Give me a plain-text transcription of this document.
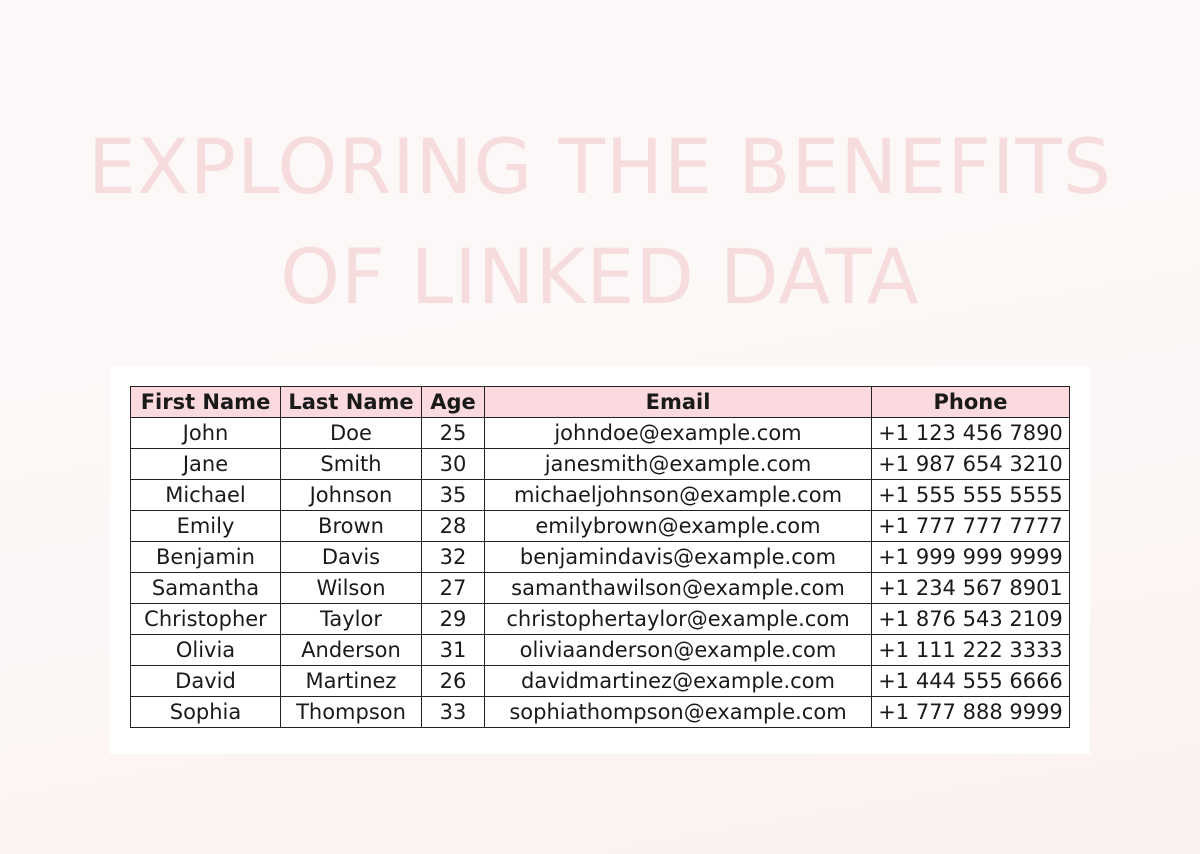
EXPLORING THE BENEFITS
OF LINKED DATA
First Name	Last Name	Age	Email	Phone
John	Doe	25	johndoe@example.com	+1 123 456 7890
Jane	Smith	30	janesmith@example.com	+1 987 654 3210
Michael	Johnson	35	michaeljohnson@example.com	+1 555 555 5555
Emily	Brown	28	emilybrown@example.com	+1 777 777 7777
Benjamin	Davis	32	benjamindavis@example.com	+1 999 999 9999
Samantha	Wilson	27	samanthawilson@example.com	+1 234 567 8901
Christopher	Taylor	29	christophertaylor@example.com	+1 876 543 2109
Olivia	Anderson	31	oliviaanderson@example.com	+1 111 222 3333
David	Martinez	26	davidmartinez@example.com	+1 444 555 6666
Sophia	Thompson	33	sophiathompson@example.com	+1 777 888 9999
